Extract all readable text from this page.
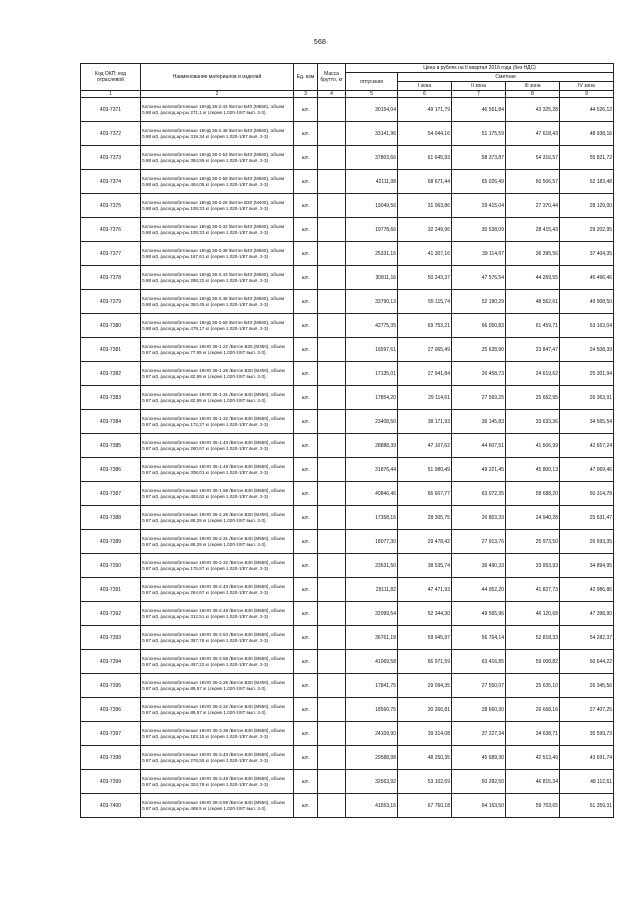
568
Код ОКП; код отраслевой	Наименование материалов и изделий	Ед. изм	Масса брутто, кг	Цена в рублях на II квартал 2016 года (без НДС)				
				отпускная	Сметная			
					I зона	II зона	III зона	IV зона
1	2	3	4	5	6	7	8	9
403-7371	Колонны железобетонные 1КНД 36-2.43 /Бетон В40 (М550), объем 0,88 м3, расход ар-ры 271,1 кг (серия 1.020-1/87 вып. 2-3)	шт.		30154,04	49 171,79	46 561,84	43 325,28	44 526,12
403-7372	Колонны железобетонные 1КНД 36-2.48 /Бетон В40 (М550), объем 0,88 м3, расход ар-ры 319,34 кг (серия 1.020-1/87 вып. 2-3)	шт.		33141,96	54 044,16	51 175,59	47 618,43	48 938,16
403-7373	Колонны железобетонные 1КНД 36-2.53 /Бетон В40 (М550), объем 0,88 м3, расход ар-ры 394,59 кг (серия 1.020-1/87 вып. 2-3)	шт.		37803,66	61 645,93	58 373,87	54 316,57	55 821,72
403-7374	Колонны железобетонные 1КНД 36-2.59 /Бетон В40 (М550), объем 0,88 м3, расход ар-ры 464,05 кг (серия 1.020-1/87 вып. 2-3)	шт.		42111,98	68 671,44	65 026,49	60 506,57	62 183,48
403-7375	Колонны железобетонные 1КНД 36-3.26 /Бетон В30 (М400), объем 0,88 м3, расход ар-ры 108,23 кг (серия 1.020-1/87 вып. 2-3)	шт.		19049,56	31 063,86	29 415,04	27 370,44	28 129,00
403-7376	Колонны железобетонные 1КНД 36-3.32 /Бетон В40 (М550), объем 0,88 м3, расход ар-ры 108,23 кг (серия 1.020-1/87 вып. 2-3)	шт.		19778,66	32 249,96	30 538,09	28 415,43	29 202,95
403-7377	Колонны железобетонные 1КНД 36-3.38 /Бетон В40 (М550), объем 0,88 м3, расход ар-ры 187,61 кг (серия 1.020-1/87 вып. 2-3)	шт.		25331,16	41 307,16	39 114,67	36 395,56	37 404,35
403-7378	Колонны железобетонные 1КНД 36-3.43 /Бетон В40 (М550), объем 0,88 м3, расход ар-ры 288,22 кг (серия 1.020-1/87 вып. 2-3)	шт.		30811,16	50 243,37	47 576,54	44 269,55	45 496,46
403-7379	Колонны железобетонные 1КНД 36-3.48 /Бетон В40 (М550), объем 0,88 м3, расход ар-ры 354,45 кг (серия 1.020-1/87 вып. 2-3)	шт.		33790,13	55 115,74	52 190,29	48 562,61	49 908,50
403-7380	Колонны железобетонные 1КНД 36-3.59 /Бетон В40 (М550), объем 0,88 м3, расход ар-ры 479,17 кг (серия 1.020-1/87 вып. 2-3)	шт.		42775,35	69 753,21	66 050,83	61 459,71	63 163,04
403-7381	Колонны железобетонные 1КНО 36-1.22 /Бетон В25 (М350), объем 0,87 м3, расход ар-ры 77,65 кг (серия 1.020-1/87 вып. 2-3)	шт.		16597,61	27 065,49	25 628,90	23 847,47	24 508,39
403-7382	Колонны железобетонные 1КНО 36-1.26 /Бетон В30 (М400), объем 0,87 м3, расход ар-ры 82,69 кг (серия 1.020-1/87 вып. 2-3)	шт.		17135,01	27 941,84	26 458,73	24 619,62	25 301,94
403-7383	Колонны железобетонные 1КНО 36-1.31 /Бетон В40 (М550), объем 0,87 м3, расход ар-ры 82,69 кг (серия 1.020-1/87 вып. 2-3)	шт.		17854,20	29 114,61	27 569,25	25 652,95	26 363,91
403-7384	Колонны железобетонные 1КНО 36-1.32 /Бетон В40 (М550), объем 0,87 м3, расход ар-ры 172,27 кг (серия 1.020-1/87 вып. 2-3)	шт.		23408,50	38 171,93	36 145,83	33 633,36	34 565,54
403-7385	Колонны железобетонные 1КНО 36-1.43 /Бетон В40 (М550), объем 0,87 м3, расход ар-ры 260,67 кг (серия 1.020-1/87 вып. 2-3)	шт.		28888,39	47 107,62	44 607,51	41 506,99	42 657,24
403-7386	Колонны железобетонные 1КНО 36-1.48 /Бетон В40 (М550), объем 0,87 м3, расход ар-ры 308,01 кг (серия 1.020-1/87 вып. 2-3)	шт.		31876,44	51 980,49	49 221,45	45 800,13	47 069,46
403-7387	Колонны железобетонные 1КНО 36-1.59 /Бетон В40 (М550), объем 0,87 м3, расход ар-ры 453,62 кг (серия 1.020-1/87 вып. 2-3)	шт.		40846,46	66 607,77	63 072,35	58 688,20	60 314,78
403-7388	Колонны железобетонные 1КНО 36-2.26 /Бетон В30 (М400), объем 0,87 м3, расход ар-ры 86,29 кг (серия 1.020-1/87 вып. 2-3)	шт.		17358,16	28 305,75	26 803,33	24 940,28	25 631,47
403-7389	Колонны железобетонные 1КНО 36-2.31 /Бетон В40 (М550), объем 0,87 м3, расход ар-ры 86,29 кг (серия 1.020-1/87 вып. 2-3)	шт.		18077,30	29 478,42	27 913,76	25 973,50	26 693,35
403-7390	Колонны железобетонные 1КНО 36-2.32 /Бетон В40 (М550), объем 0,87 м3, расход ар-ры 175,87 кг (серия 1.020-1/87 вып. 2-3)	шт.		23631,50	38 535,74	36 490,33	33 953,93	34 894,95
403-7391	Колонны железобетонные 1КНО 36-2.43 /Бетон В40 (М550), объем 0,87 м3, расход ар-ры 264,67 кг (серия 1.020-1/87 вып. 2-3)	шт.		29111,82	47 471,93	44 952,20	41 827,73	42 986,86
403-7392	Колонны железобетонные 1КНО 36-2.48 /Бетон В40 (М550), объем 0,87 м3, расход ар-ры 312,51 кг (серия 1.020-1/87 вып. 2-3)	шт.		32099,54	52 344,30	49 565,96	46 120,68	47 398,90
403-7393	Колонны железобетонные 1КНО 36-2.53 /Бетон В40 (М550), объем 0,87 м3, расход ар-ры 387,76 кг (серия 1.020-1/87 вып. 2-3)	шт.		36761,18	59 945,97	56 764,14	52 818,33	54 282,37
403-7394	Колонны железобетонные 1КНО 36-2.58 /Бетон В40 (М550), объем 0,87 м3, расход ар-ры 457,22 кг (серия 1.020-1/87 вып. 2-3)	шт.		41069,58	66 971,59	63 416,85	59 008,82	60 644,22
403-7395	Колонны железобетонные 1КНО 36-3.26 /Бетон В30 (М400), объем 0,87 м3, расход ар-ры 89,57 кг (серия 1.020-1/87 вып. 2-3)	шт.		17841,76	29 094,35	27 550,07	25 635,10	26 345,56
403-7396	Колонны железобетонные 1КНО 36-3.32 /Бетон В40 (М550), объем 0,87 м3, расход ар-ры 89,57 кг (серия 1.020-1/87 вып. 2-3)	шт.		18560,76	30 266,81	28 660,30	26 668,16	27 407,25
403-7397	Колонны железобетонные 1КНО 36-3.38 /Бетон В40 (М550), объем 0,87 м3, расход ар-ры 183,15 кг (серия 1.020-1/87 вып. 2-3)	шт.		24109,90	39 314,08	37 227,34	34 638,71	35 599,73
403-7398	Колонны железобетонные 1КНО 36-3.43 /Бетон В40 (М550), объем 0,87 м3, расход ар-ры 276,55 кг (серия 1.020-1/87 вып. 2-3)	шт.		29588,98	48 250,35	45 689,30	42 513,49	43 691,74
403-7399	Колонны железобетонные 1КНО 36-3.48 /Бетон В40 (М550), объем 0,87 м3, расход ар-ры 324,79 кг (серия 1.020-1/87 вып. 2-3)	шт.		32563,92	53 102,69	50 282,50	46 815,34	48 112,61
403-7400	Колонны железобетонные 1КНО 36-3.59 /Бетон В40 (М550), объем 0,87 м3, расход ар-ры 469,5 кг (серия 1.020-1/87 вып. 2-3)	шт.		41553,16	67 760,18	64 163,50	59 703,65	61 359,31
